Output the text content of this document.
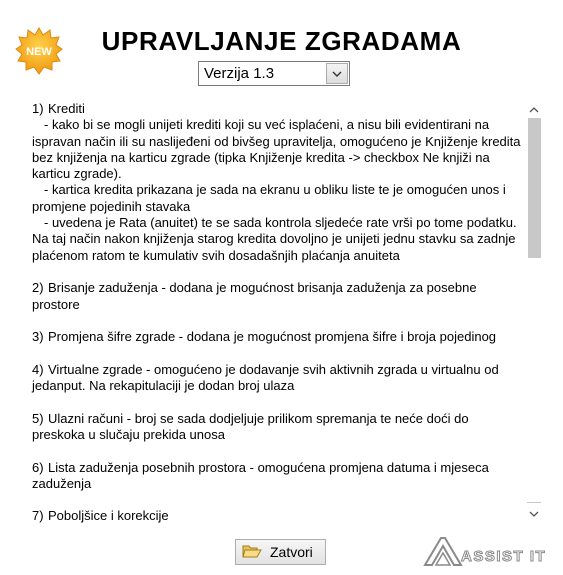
NEW	UPRAVLJANJE ZGRADAMA
Verzija 1.3
1) Krediti
- kako bi se mogli unijeti krediti koji su već isplaćeni, a nisu bili evidentirani na ispravan način ili su naslijeđeni od bivšeg upravitelja, omogućeno je Knjiženje kredita bez knjiženja na karticu zgrade (tipka Knjiženje kredita -> checkbox Ne knjiži na karticu zgrade).
- kartica kredita prikazana je sada na ekranu u obliku liste te je omogućen unos i promjene pojedinih stavaka
- uvedena je Rata (anuitet) te se sada kontrola sljedeće rate vrši po tome podatku. Na taj način nakon knjiženja starog kredita dovoljno je unijeti jednu stavku sa zadnje plaćenom ratom te kumulativ svih dosadašnjih plaćanja anuiteta
2) Brisanje zaduženja - dodana je mogućnost brisanja zaduženja za posebne prostore
3) Promjena šifre zgrade - dodana je mogućnost promjena šifre i broja pojedinog
4) Virtualne zgrade - omogućeno je dodavanje svih aktivnih zgrada u virtualnu od jedanput. Na rekapitulaciji je dodan broj ulaza
5) Ulazni računi - broj se sada dodjeljuje prilikom spremanja te neće doći do preskoka u slučaju prekida unosa
6) Lista zaduženja posebnih prostora - omogućena promjena datuma i mjeseca zaduženja
7) Poboljšice i korekcije
Zatvori	ASSIST IT
